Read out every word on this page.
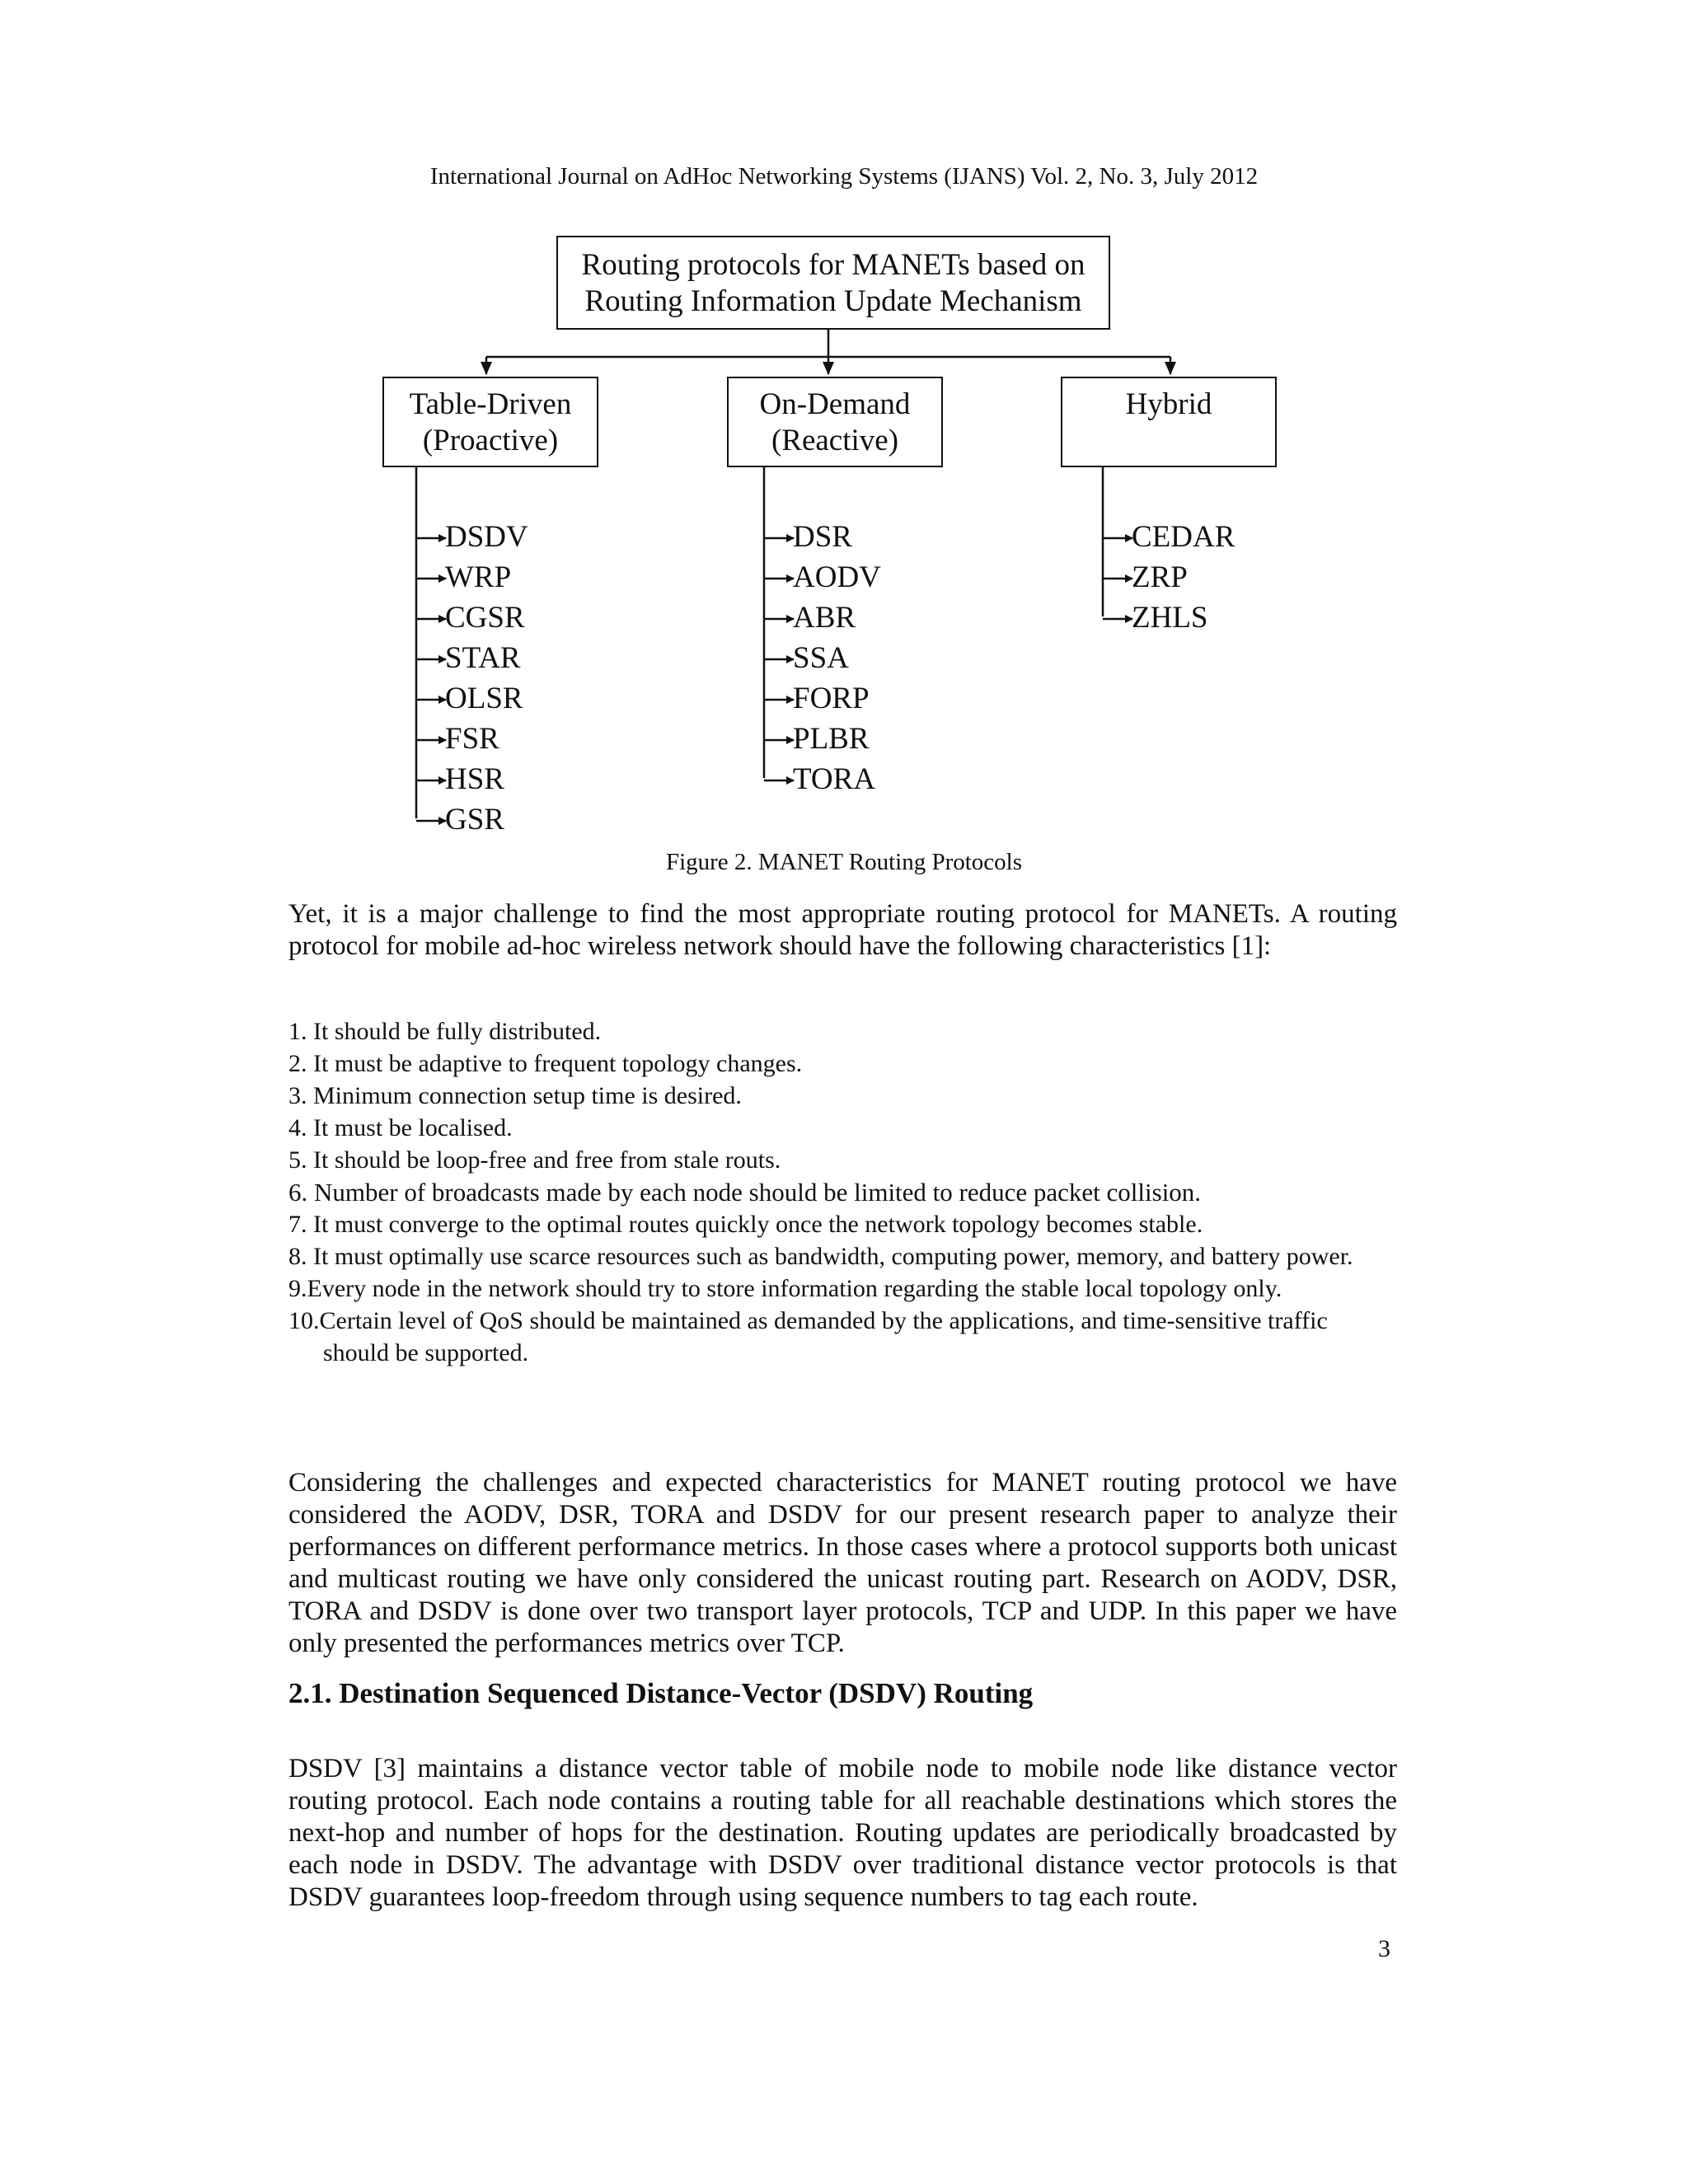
International Journal on AdHoc Networking Systems (IJANS) Vol. 2, No. 3, July 2012
Routing protocols for MANETs based on
Routing Information Update Mechanism
Table-Driven
(Proactive)
On-Demand
(Reactive)
Hybrid
DSDV
WRP
CGSR
STAR
OLSR
FSR
HSR
GSR
DSR
AODV
ABR
SSA
FORP
PLBR
TORA
CEDAR
ZRP
ZHLS
Figure 2. MANET Routing Protocols

Yet, it is a major challenge to find the most appropriate routing protocol for MANETs. A routing protocol for mobile ad-hoc wireless network should have the following characteristics [1]:

1. It should be fully distributed.
2. It must be adaptive to frequent topology changes.
3. Minimum connection setup time is desired.
4. It must be localised.
5. It should be loop-free and free from stale routs.
6. Number of broadcasts made by each node should be limited to reduce packet collision.
7. It must converge to the optimal routes quickly once the network topology becomes stable.
8. It must optimally use scarce resources such as bandwidth, computing power, memory, and battery power.
9.Every node in the network should try to store information regarding the stable local topology only.
10.Certain level of QoS should be maintained as demanded by the applications, and time-sensitive traffic should be supported.

Considering the challenges and expected characteristics for MANET routing protocol we have considered the AODV, DSR, TORA and DSDV for our present research paper to analyze their performances on different performance metrics. In those cases where a protocol supports both unicast and multicast routing we have only considered the unicast routing part. Research on AODV, DSR, TORA and DSDV is done over two transport layer protocols, TCP and UDP. In this paper we have only presented the performances metrics over TCP.

2.1. Destination Sequenced Distance-Vector (DSDV) Routing

DSDV [3] maintains a distance vector table of mobile node to mobile node like distance vector routing protocol. Each node contains a routing table for all reachable destinations which stores the next-hop and number of hops for the destination. Routing updates are periodically broadcasted by each node in DSDV. The advantage with DSDV over traditional distance vector protocols is that DSDV guarantees loop-freedom through using sequence numbers to tag each route.

3
